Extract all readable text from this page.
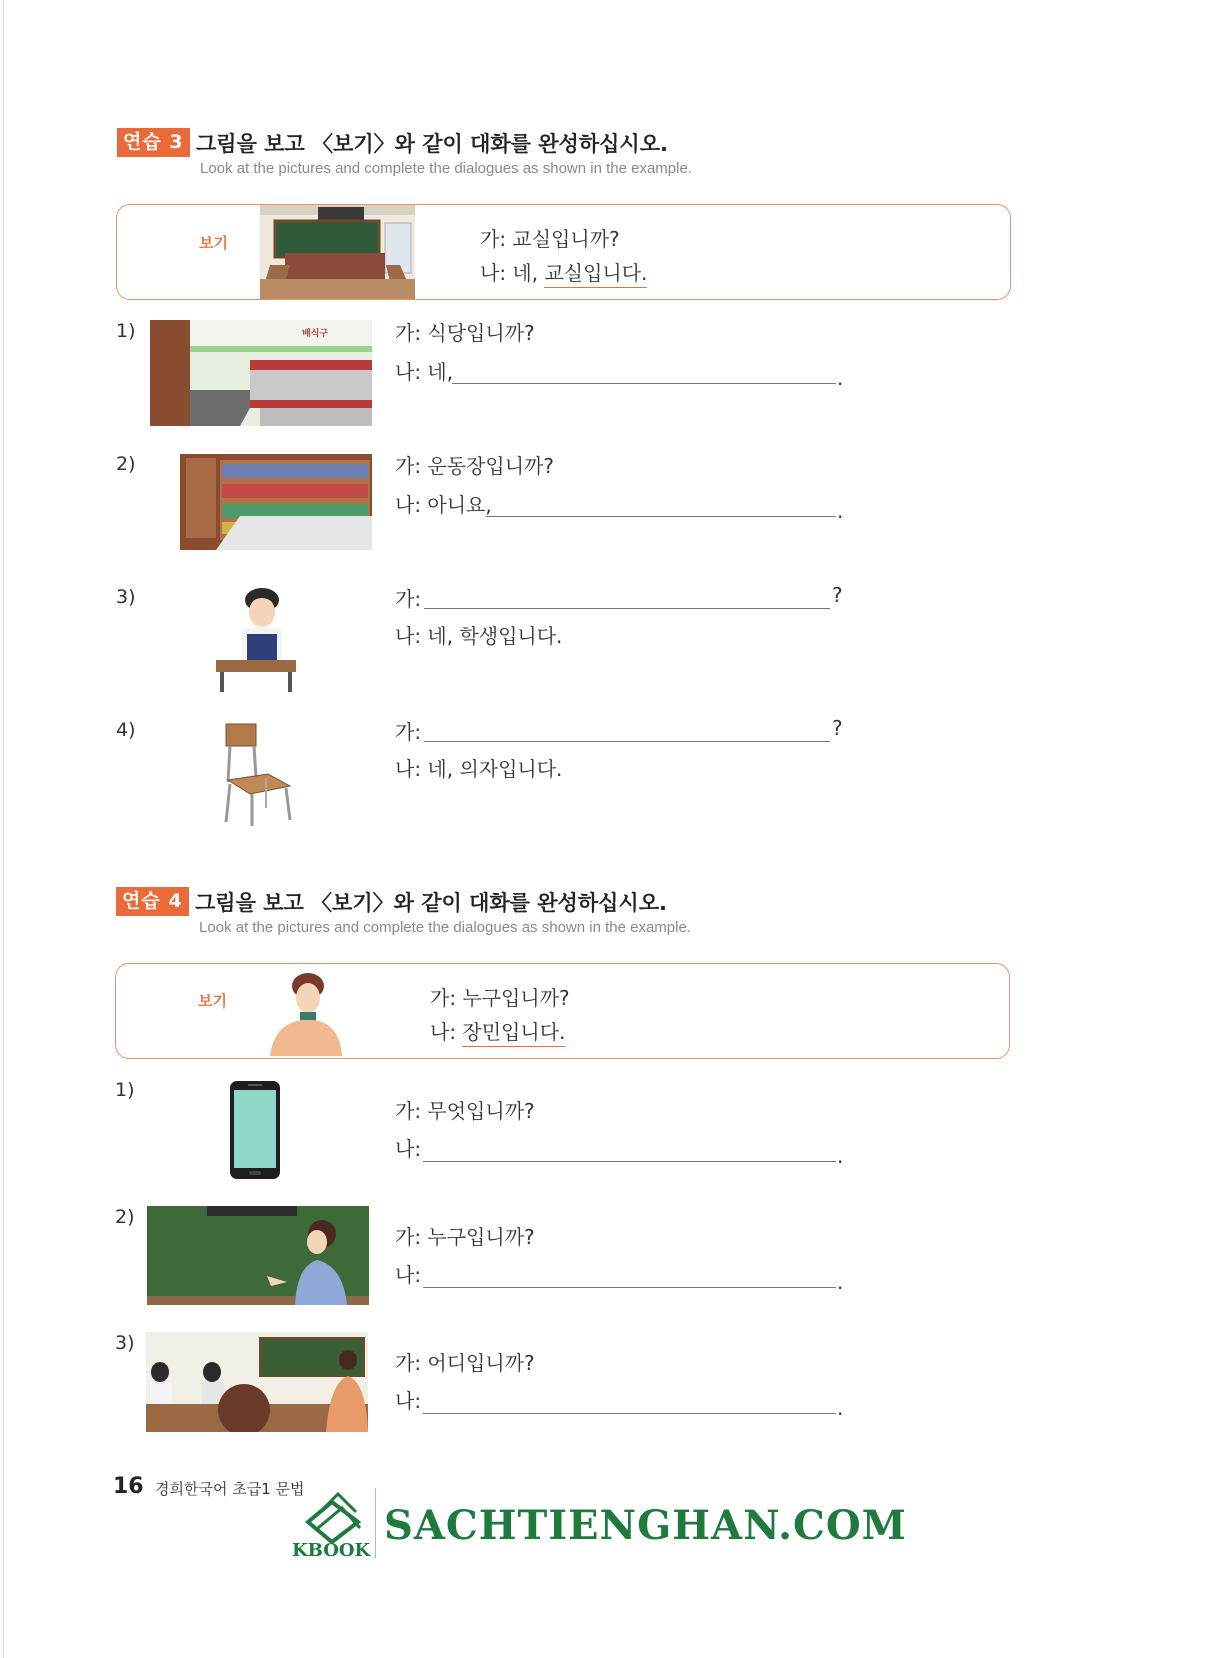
연습 3 그림을 보고 〈보기〉와 같이 대화를 완성하십시오.
Look at the pictures and complete the dialogues as shown in the example.
보기	가: 교실입니까?
나: 네, 교실입니다.
1)	배식구	가: 식당입니까?
나: 네,	.
2)	가: 운동장입니까?
나: 아니요,	.
3)	가:	?
나: 네, 학생입니다.
4)	가:	?
나: 네, 의자입니다.
연습 4 그림을 보고 〈보기〉와 같이 대화를 완성하십시오.
Look at the pictures and complete the dialogues as shown in the example.
보기	가: 누구입니까?
나: 장민입니다.
1)
가: 무엇입니까?
나:	.
2)
가: 누구입니까?
나:	.
3)
가: 어디입니까?
나:	.
16 경희한국어 초급1 문법
KBOOK
SACHTIENGHAN.COM
